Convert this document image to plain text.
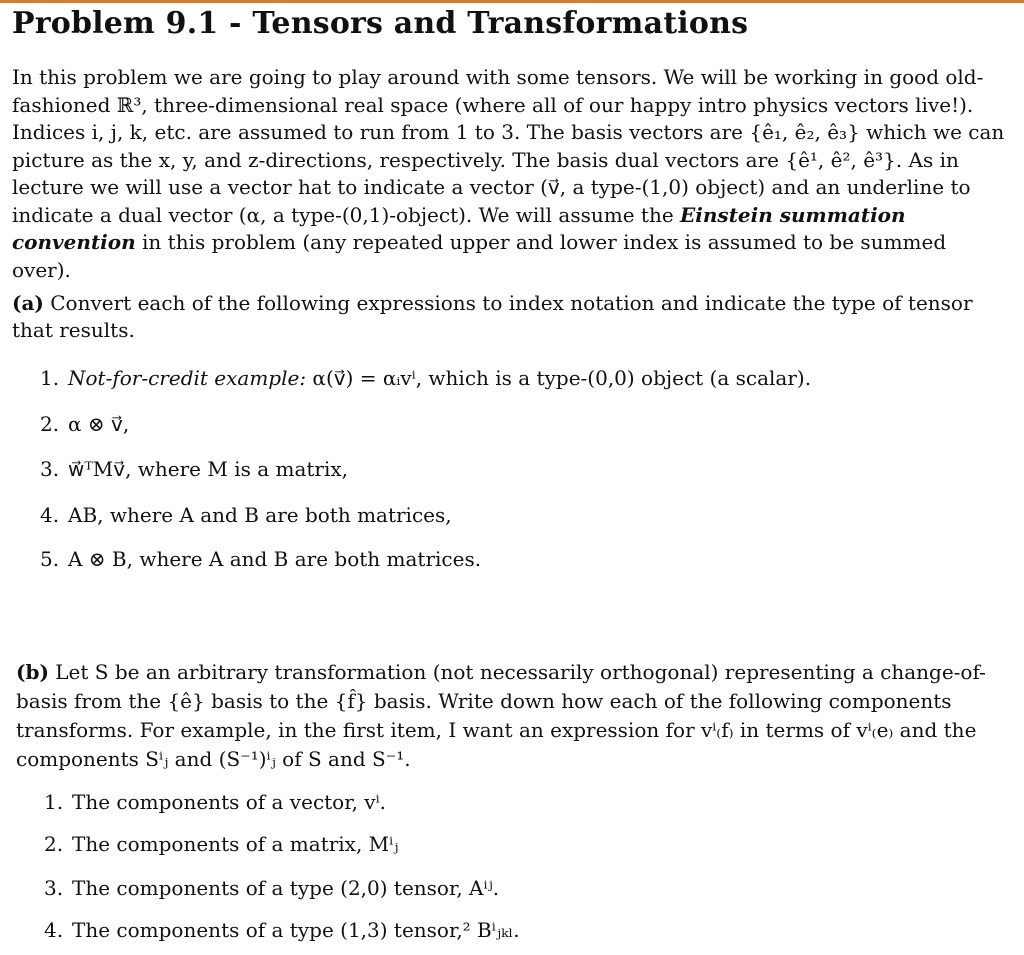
Problem 9.1 - Tensors and Transformations
In this problem we are going to play around with some tensors. We will be working in good old-fashioned ℝ³, three-dimensional real space (where all of our happy intro physics vectors live!). Indices i, j, k, etc. are assumed to run from 1 to 3. The basis vectors are {ê₁, ê₂, ê₃} which we can picture as the x, y, and z-directions, respectively. The basis dual vectors are {ê¹, ê², ê³}. As in lecture we will use a vector hat to indicate a vector (v⃗, a type-(1,0) object) and an underline to indicate a dual vector (α, a type-(0,1)-object). We will assume the Einstein summation convention in this problem (any repeated upper and lower index is assumed to be summed over).
(a) Convert each of the following expressions to index notation and indicate the type of tensor that results.
1. Not-for-credit example: α(v⃗) = αᵢvⁱ, which is a type-(0,0) object (a scalar).
2. α ⊗ v⃗,
3. w⃗ᵀMv⃗, where M is a matrix,
4. AB, where A and B are both matrices,
5. A ⊗ B, where A and B are both matrices.
(b) Let S be an arbitrary transformation (not necessarily orthogonal) representing a change-of-basis from the {ê} basis to the {f̂} basis. Write down how each of the following components transforms. For example, in the first item, I want an expression for vⁱ₍f₎ in terms of vⁱ₍e₎ and the components Sⁱⱼ and (S⁻¹)ⁱⱼ of S and S⁻¹.
1. The components of a vector, vⁱ.
2. The components of a matrix, Mⁱⱼ
3. The components of a type (2,0) tensor, Aⁱʲ.
4. The components of a type (1,3) tensor,² Bⁱⱼₖₗ.
